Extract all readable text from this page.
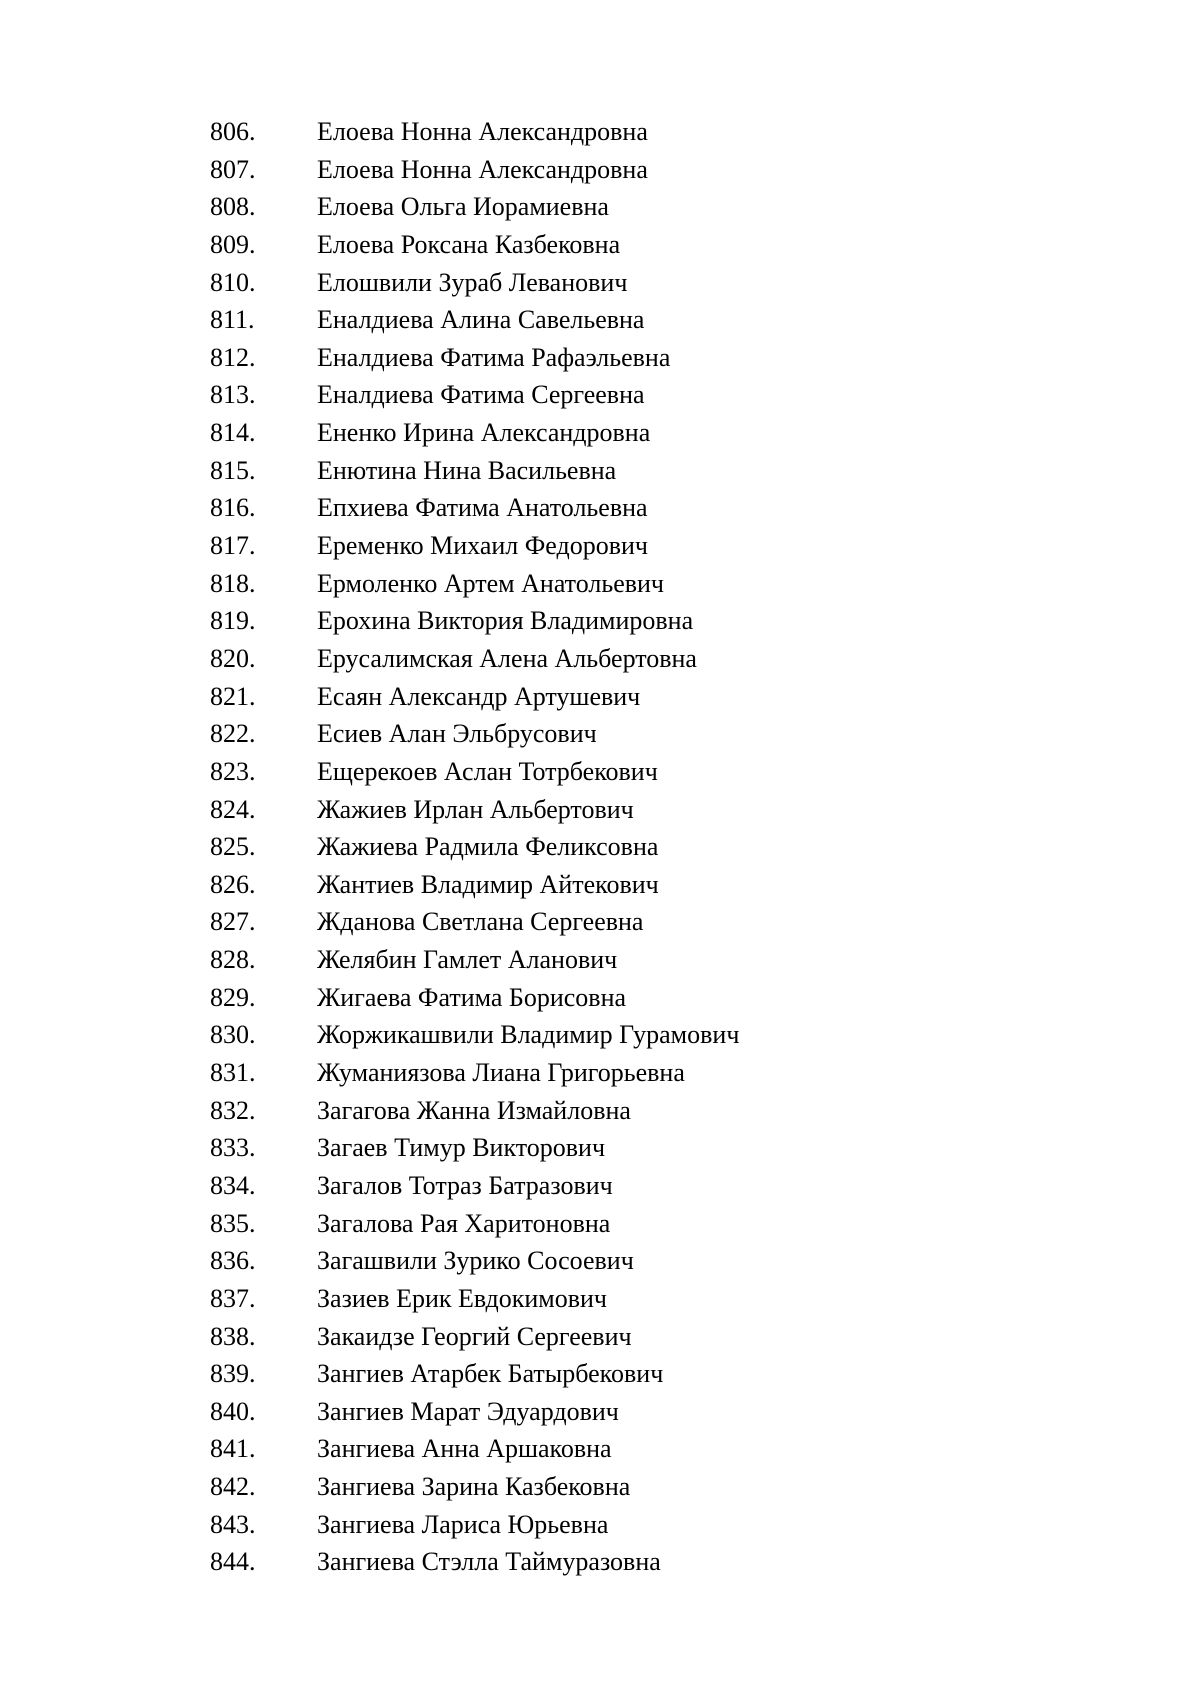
806.	Елоева Нонна Александровна
807.	Елоева Нонна Александровна
808.	Елоева Ольга Иорамиевна
809.	Елоева Роксана Казбековна
810.	Елошвили Зураб Леванович
811.	Еналдиева Алина Савельевна
812.	Еналдиева Фатима Рафаэльевна
813.	Еналдиева Фатима Сергеевна
814.	Ененко Ирина Александровна
815.	Енютина Нина Васильевна
816.	Епхиева Фатима Анатольевна
817.	Еременко Михаил Федорович
818.	Ермоленко Артем Анатольевич
819.	Ерохина Виктория Владимировна
820.	Ерусалимская Алена Альбертовна
821.	Есаян Александр Артушевич
822.	Есиев Алан Эльбрусович
823.	Ещерекоев Аслан Тотрбекович
824.	Жажиев Ирлан Альбертович
825.	Жажиева Радмила Феликсовна
826.	Жантиев Владимир Айтекович
827.	Жданова Светлана Сергеевна
828.	Желябин Гамлет Аланович
829.	Жигаева Фатима Борисовна
830.	Жоржикашвили Владимир Гурамович
831.	Жуманиязова Лиана Григорьевна
832.	Загагова Жанна Измайловна
833.	Загаев Тимур Викторович
834.	Загалов Тотраз Батразович
835.	Загалова Рая Харитоновна
836.	Загашвили Зурико Сосоевич
837.	Зазиев Ерик Евдокимович
838.	Закаидзе Георгий Сергеевич
839.	Зангиев Атарбек Батырбекович
840.	Зангиев Марат Эдуардович
841.	Зангиева Анна Аршаковна
842.	Зангиева Зарина Казбековна
843.	Зангиева Лариса Юрьевна
844.	Зангиева Стэлла Таймуразовна
